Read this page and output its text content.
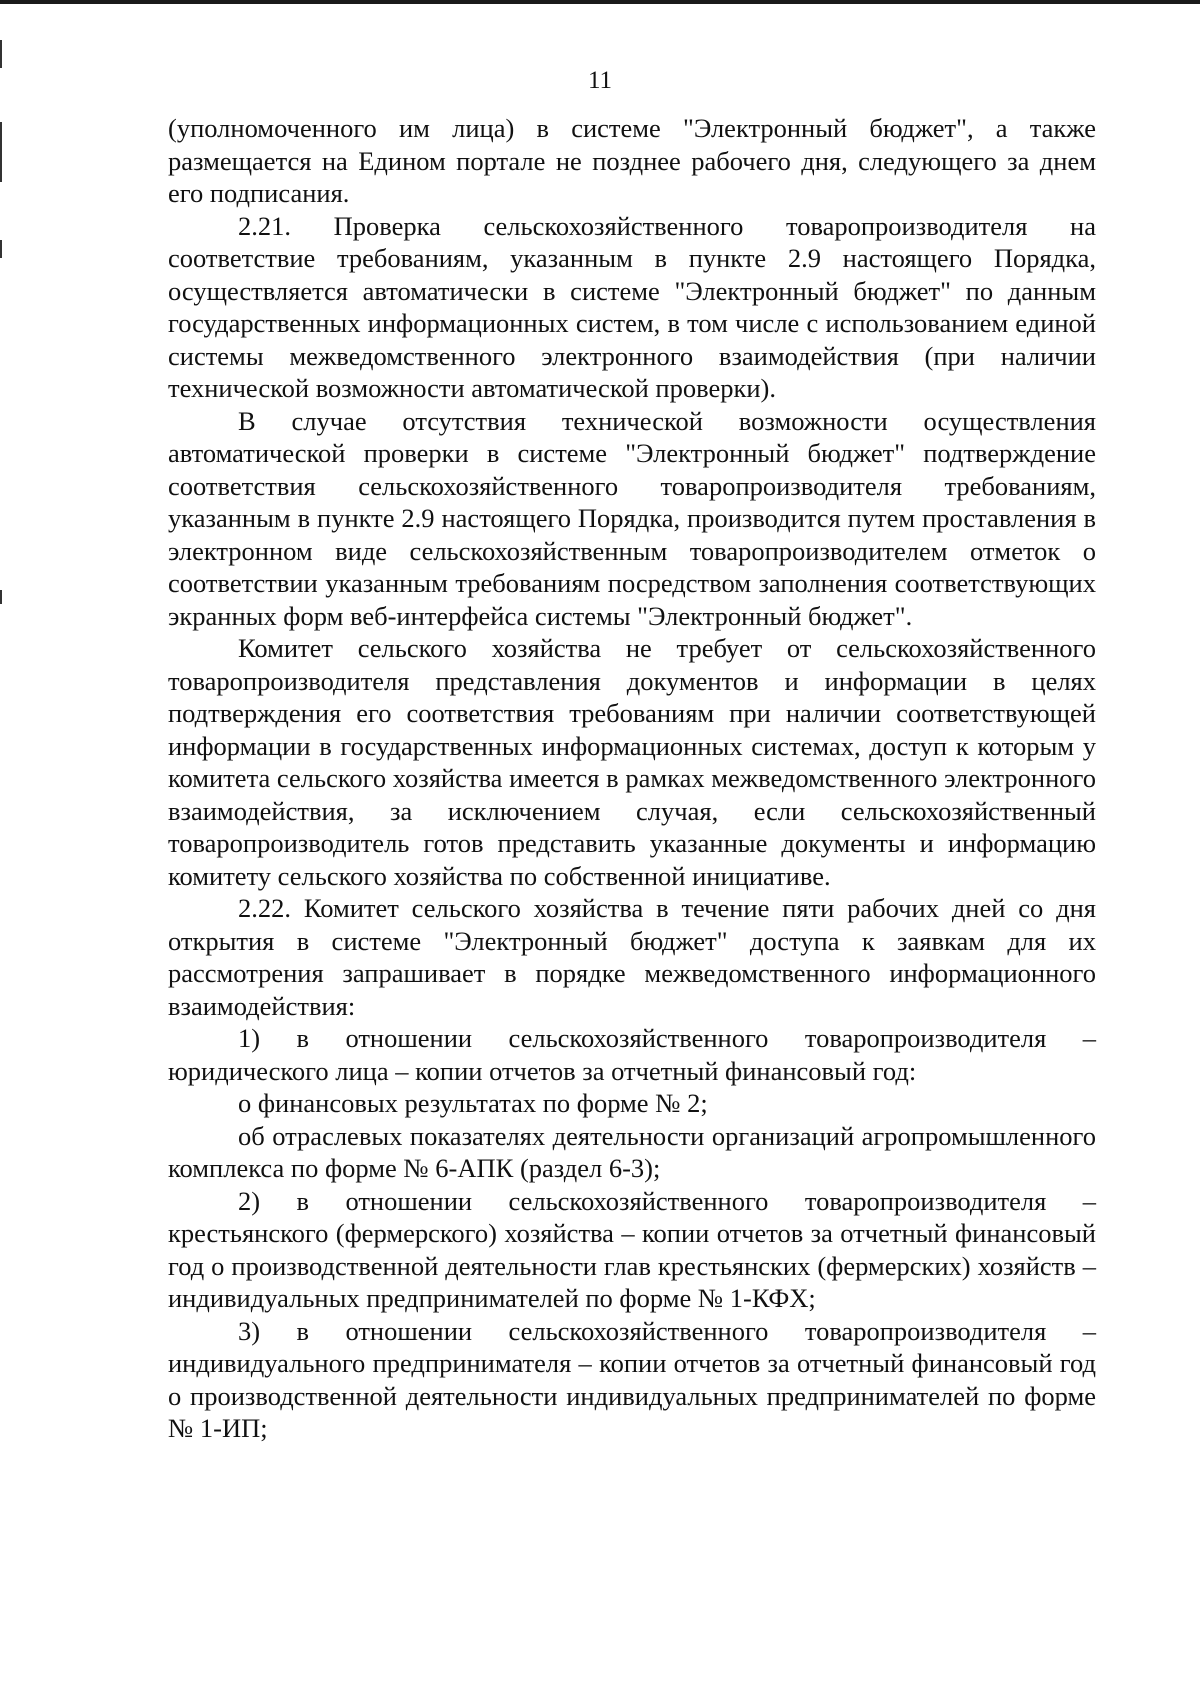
11

(уполномоченного им лица) в системе "Электронный бюджет", а также размещается на Едином портале не позднее рабочего дня, следующего за днем его подписания.

2.21. Проверка сельскохозяйственного товаропроизводителя на соответствие требованиям, указанным в пункте 2.9 настоящего Порядка, осуществляется автоматически в системе "Электронный бюджет" по данным государственных информационных систем, в том числе с использованием единой системы межведомственного электронного взаимодействия (при наличии технической возможности автоматической проверки).

В случае отсутствия технической возможности осуществления автоматической проверки в системе "Электронный бюджет" подтверждение соответствия сельскохозяйственного товаропроизводителя требованиям, указанным в пункте 2.9 настоящего Порядка, производится путем проставления в электронном виде сельскохозяйственным товаропроизводителем отметок о соответствии указанным требованиям посредством заполнения соответствующих экранных форм веб-интерфейса системы "Электронный бюджет".

Комитет сельского хозяйства не требует от сельскохозяйственного товаропроизводителя представления документов и информации в целях подтверждения его соответствия требованиям при наличии соответствующей информации в государственных информационных системах, доступ к которым у комитета сельского хозяйства имеется в рамках межведомственного электронного взаимодействия, за исключением случая, если сельскохозяйственный товаропроизводитель готов представить указанные документы и информацию комитету сельского хозяйства по собственной инициативе.

2.22. Комитет сельского хозяйства в течение пяти рабочих дней со дня открытия в системе "Электронный бюджет" доступа к заявкам для их рассмотрения запрашивает в порядке межведомственного информационного взаимодействия:

1) в отношении сельскохозяйственного товаропроизводителя – юридического лица – копии отчетов за отчетный финансовый год:

о финансовых результатах по форме № 2;

об отраслевых показателях деятельности организаций агропромышленного комплекса по форме № 6-АПК (раздел 6-3);

2) в отношении сельскохозяйственного товаропроизводителя – крестьянского (фермерского) хозяйства – копии отчетов за отчетный финансовый год о производственной деятельности глав крестьянских (фермерских) хозяйств – индивидуальных предпринимателей по форме № 1-КФХ;

3) в отношении сельскохозяйственного товаропроизводителя – индивидуального предпринимателя – копии отчетов за отчетный финансовый год о производственной деятельности индивидуальных предпринимателей по форме № 1-ИП;
